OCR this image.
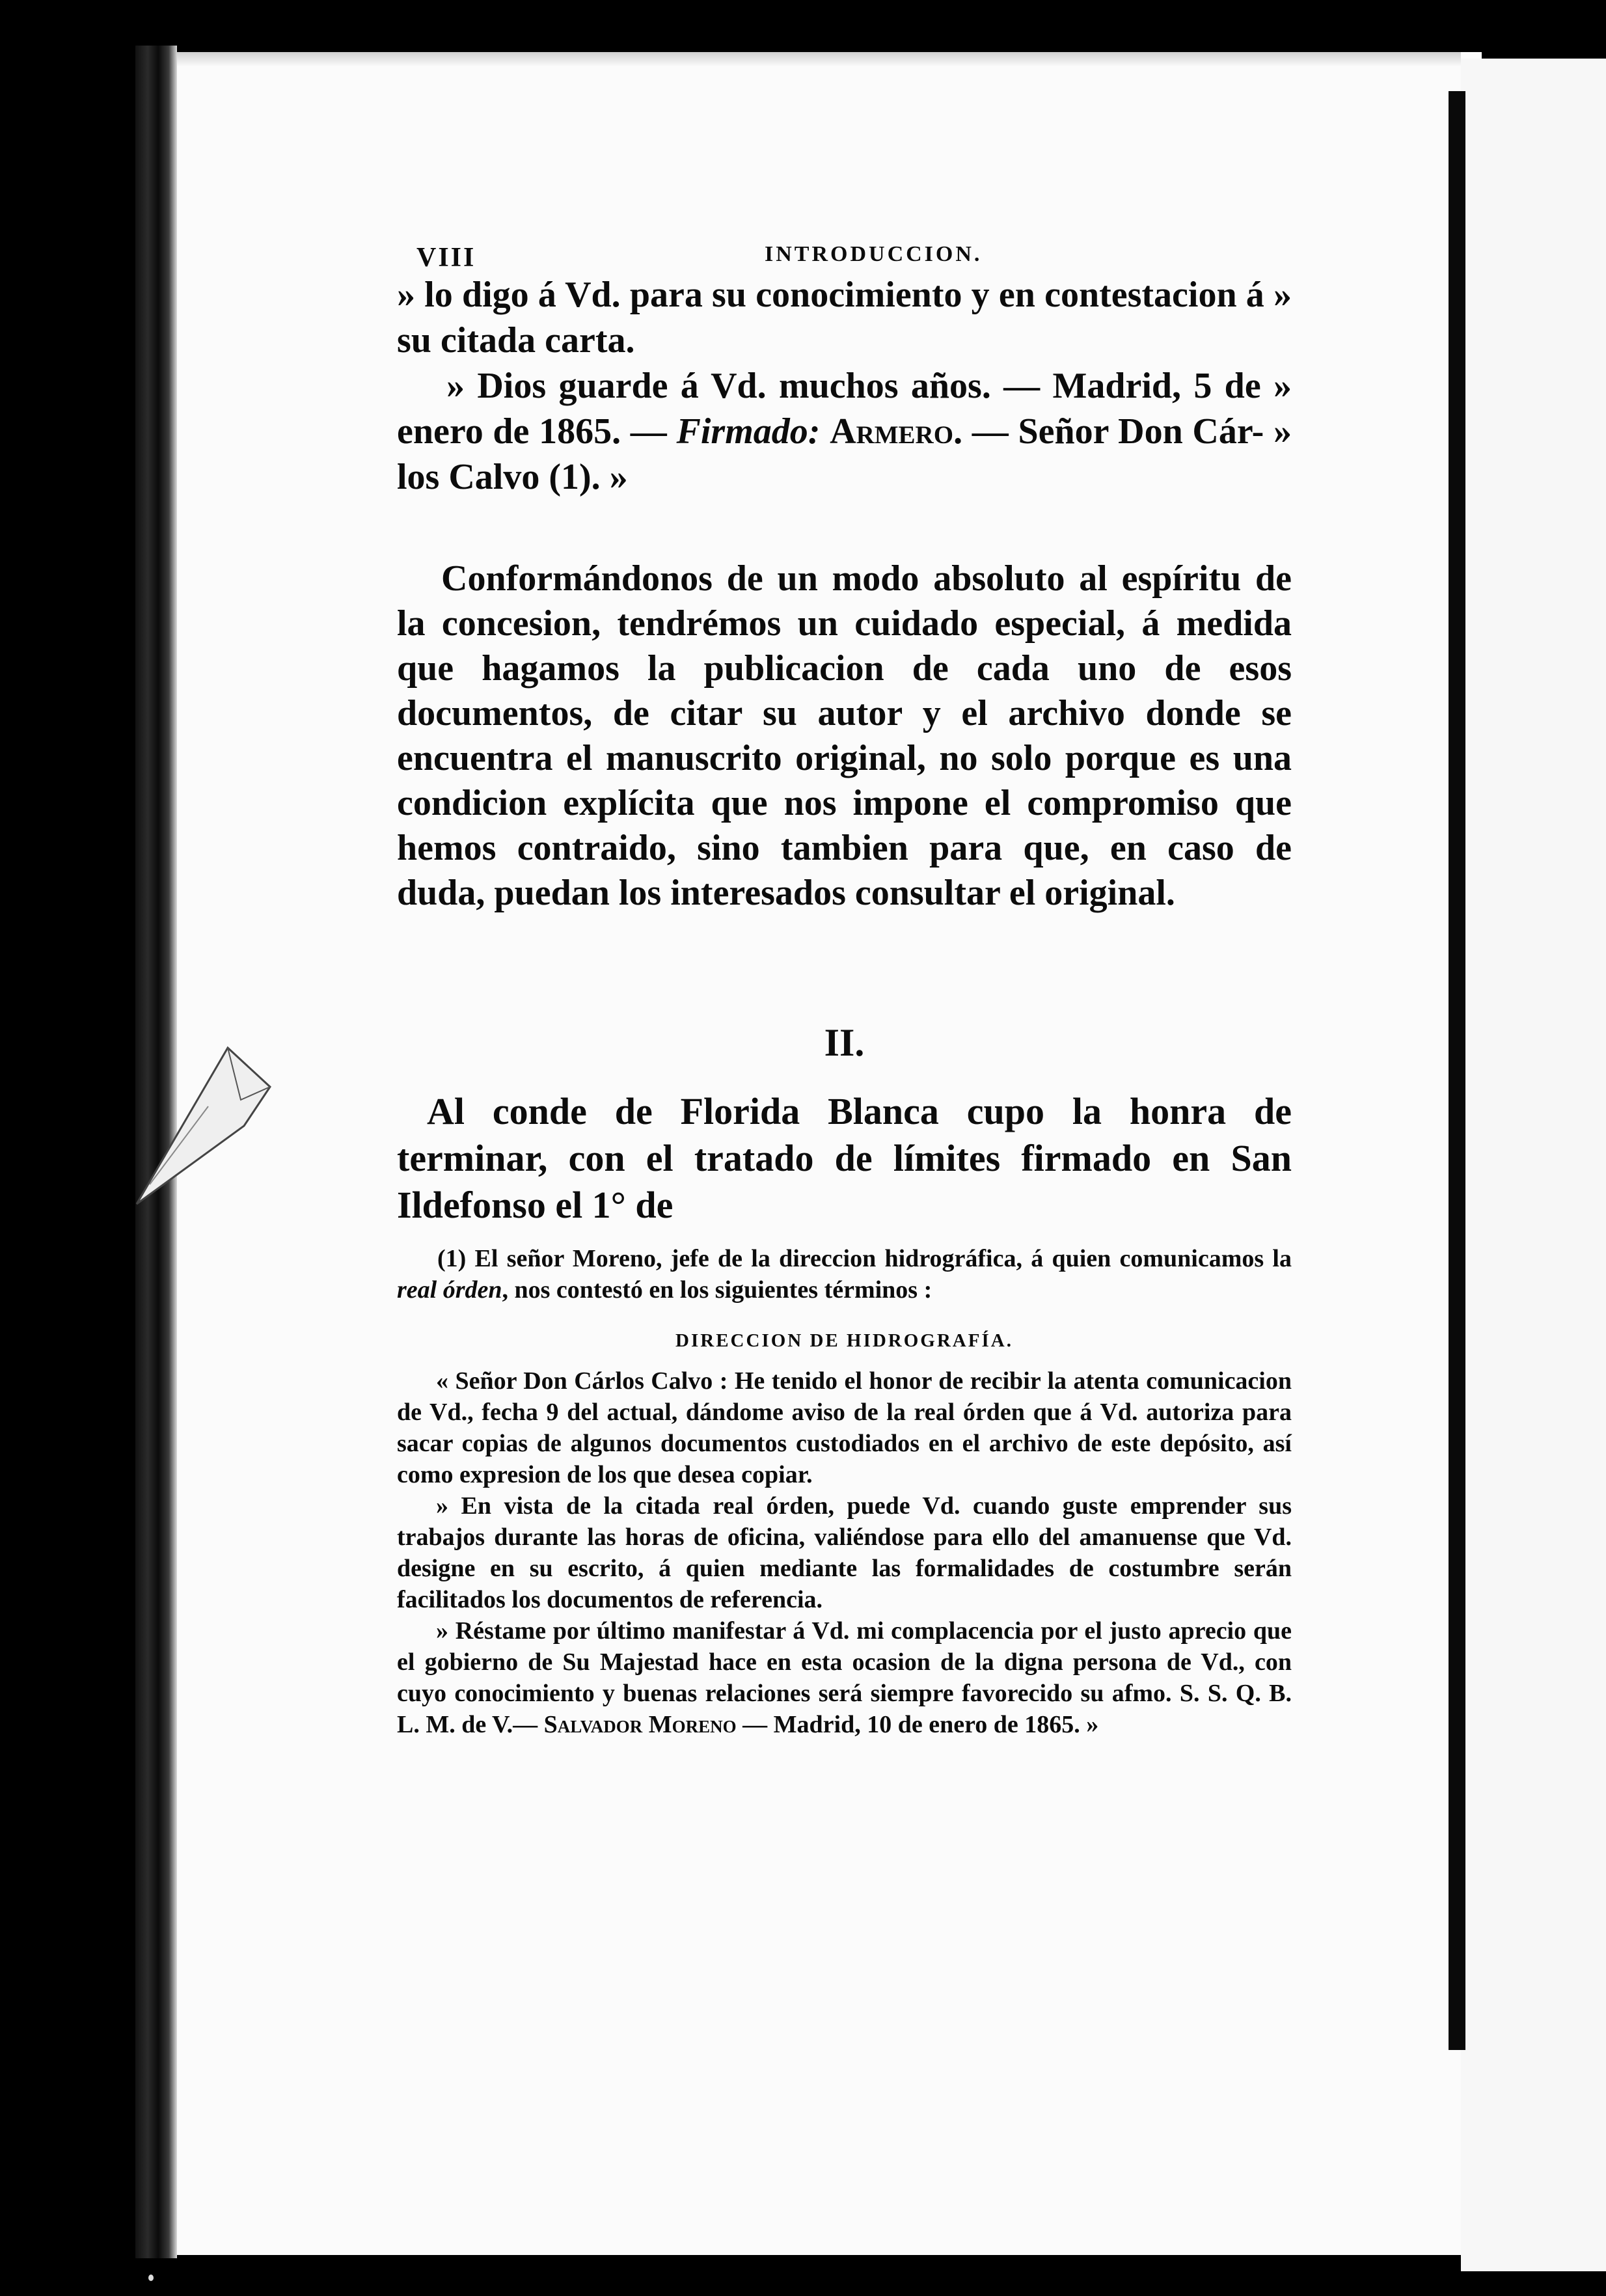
VIII	INTRODUCCION.

» lo digo á Vd. para su conocimiento y en contestacion á » su citada carta.

» Dios guarde á Vd. muchos años. — Madrid, 5 de » enero de 1865. — Firmado: Armero. — Señor Don Cár- » los Calvo (1). »

Conformándonos de un modo absoluto al espíritu de la concesion, tendrémos un cuidado especial, á medida que hagamos la publicacion de cada uno de esos documentos, de citar su autor y el archivo donde se encuentra el manuscrito original, no solo porque es una condicion explícita que nos impone el compromiso que hemos contraido, sino tambien para que, en caso de duda, puedan los interesados consultar el original.

II.

Al conde de Florida Blanca cupo la honra de terminar, con el tratado de límites firmado en San Ildefonso el 1° de

(1) El señor Moreno, jefe de la direccion hidrográfica, á quien comunicamos la real órden, nos contestó en los siguientes términos :

DIRECCION DE HIDROGRAFÍA.

« Señor Don Cárlos Calvo : He tenido el honor de recibir la atenta comunicacion de Vd., fecha 9 del actual, dándome aviso de la real órden que á Vd. autoriza para sacar copias de algunos documentos custodiados en el archivo de este depósito, así como expresion de los que desea copiar.

» En vista de la citada real órden, puede Vd. cuando guste emprender sus trabajos durante las horas de oficina, valiéndose para ello del amanuense que Vd. designe en su escrito, á quien mediante las formalidades de costumbre serán facilitados los documentos de referencia.

» Réstame por último manifestar á Vd. mi complacencia por el justo aprecio que el gobierno de Su Majestad hace en esta ocasion de la digna persona de Vd., con cuyo conocimiento y buenas relaciones será siempre favorecido su afmo. S. S. Q. B. L. M. de V.— Salvador Moreno — Madrid, 10 de enero de 1865. »
